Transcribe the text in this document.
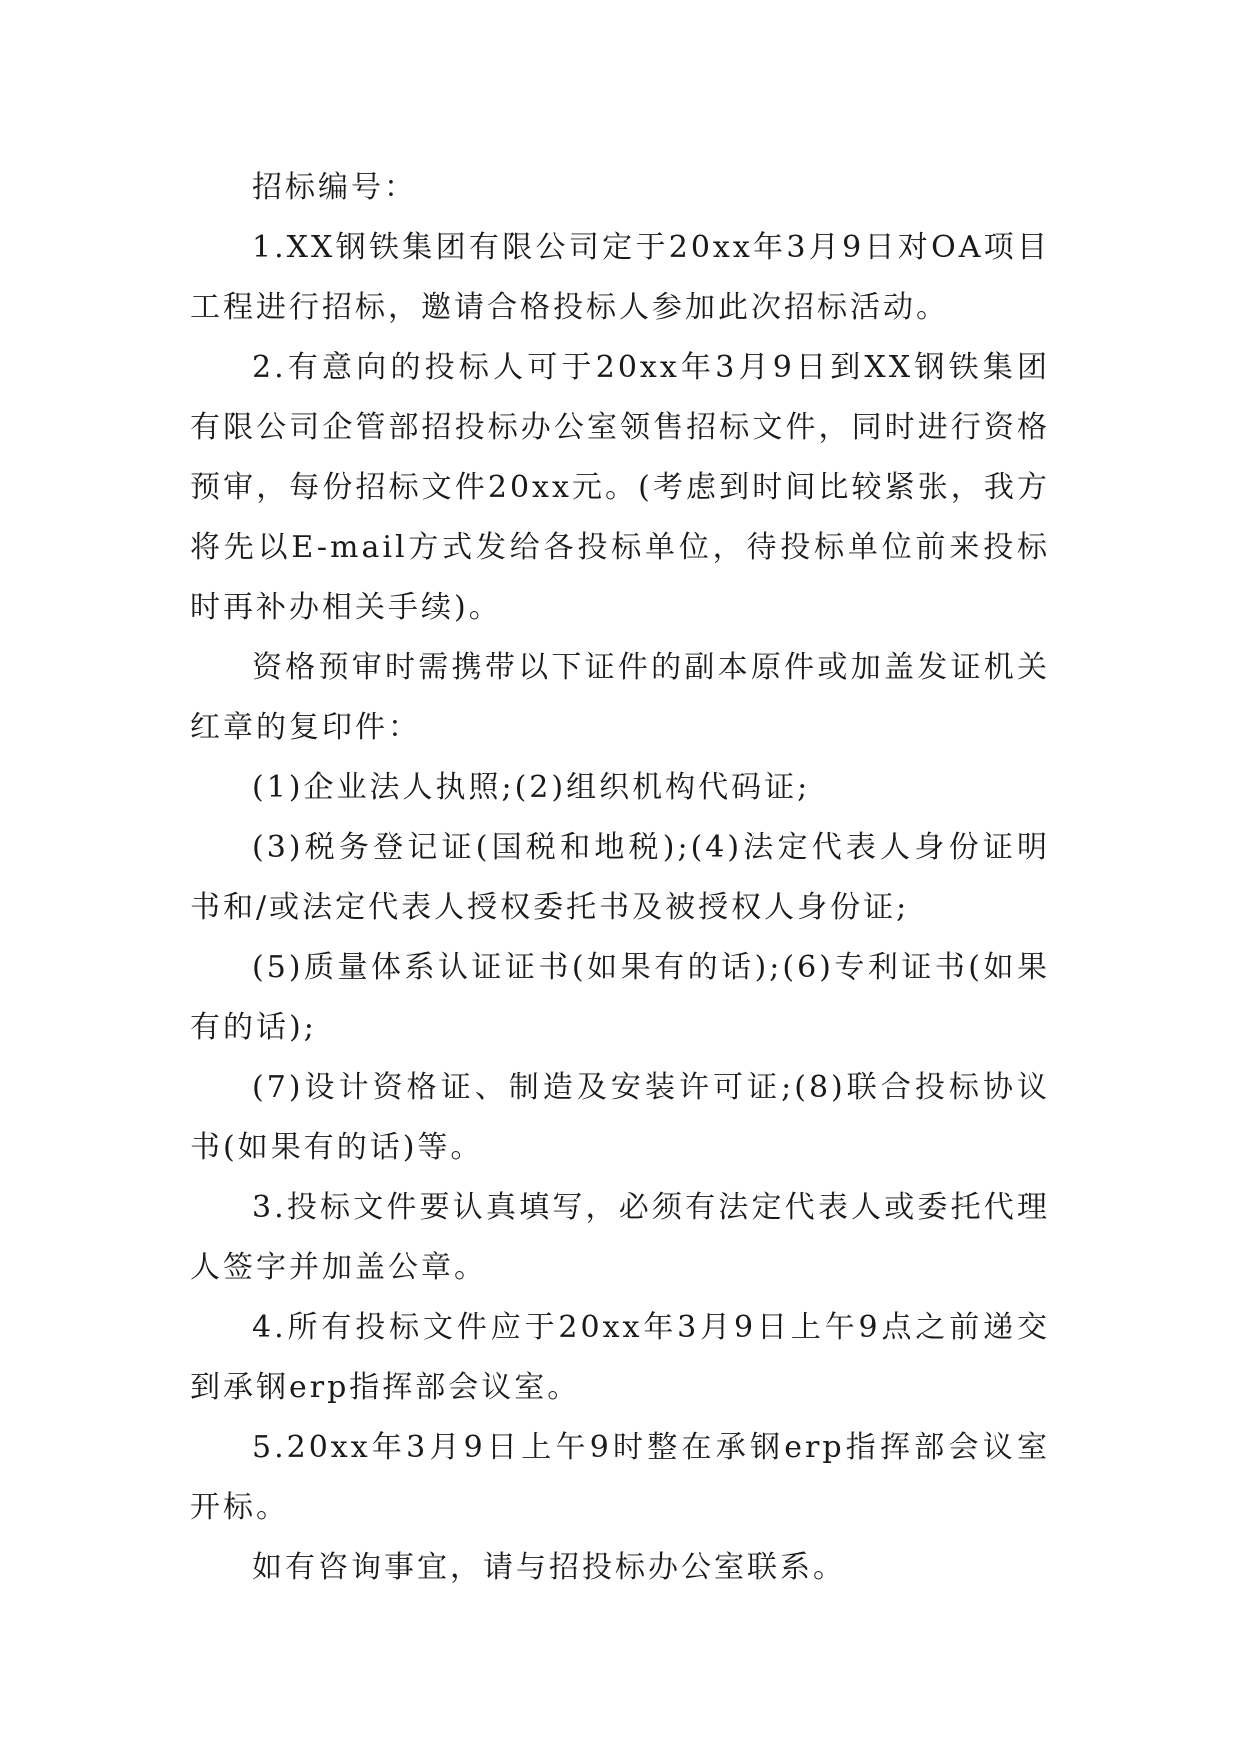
招标编号：

1.XX钢铁集团有限公司定于20xx年3月9日对OA项目工程进行招标，邀请合格投标人参加此次招标活动。

2.有意向的投标人可于20xx年3月9日到XX钢铁集团有限公司企管部招投标办公室领售招标文件，同时进行资格预审，每份招标文件20xx元。(考虑到时间比较紧张，我方将先以E-mail方式发给各投标单位，待投标单位前来投标时再补办相关手续)。

资格预审时需携带以下证件的副本原件或加盖发证机关红章的复印件：

(1)企业法人执照;(2)组织机构代码证;

(3)税务登记证(国税和地税);(4)法定代表人身份证明书和/或法定代表人授权委托书及被授权人身份证;

(5)质量体系认证证书(如果有的话);(6)专利证书(如果有的话);

(7)设计资格证、制造及安装许可证;(8)联合投标协议书(如果有的话)等。

3.投标文件要认真填写，必须有法定代表人或委托代理人签字并加盖公章。

4.所有投标文件应于20xx年3月9日上午9点之前递交到承钢erp指挥部会议室。

5.20xx年3月9日上午9时整在承钢erp指挥部会议室开标。

如有咨询事宜，请与招投标办公室联系。
